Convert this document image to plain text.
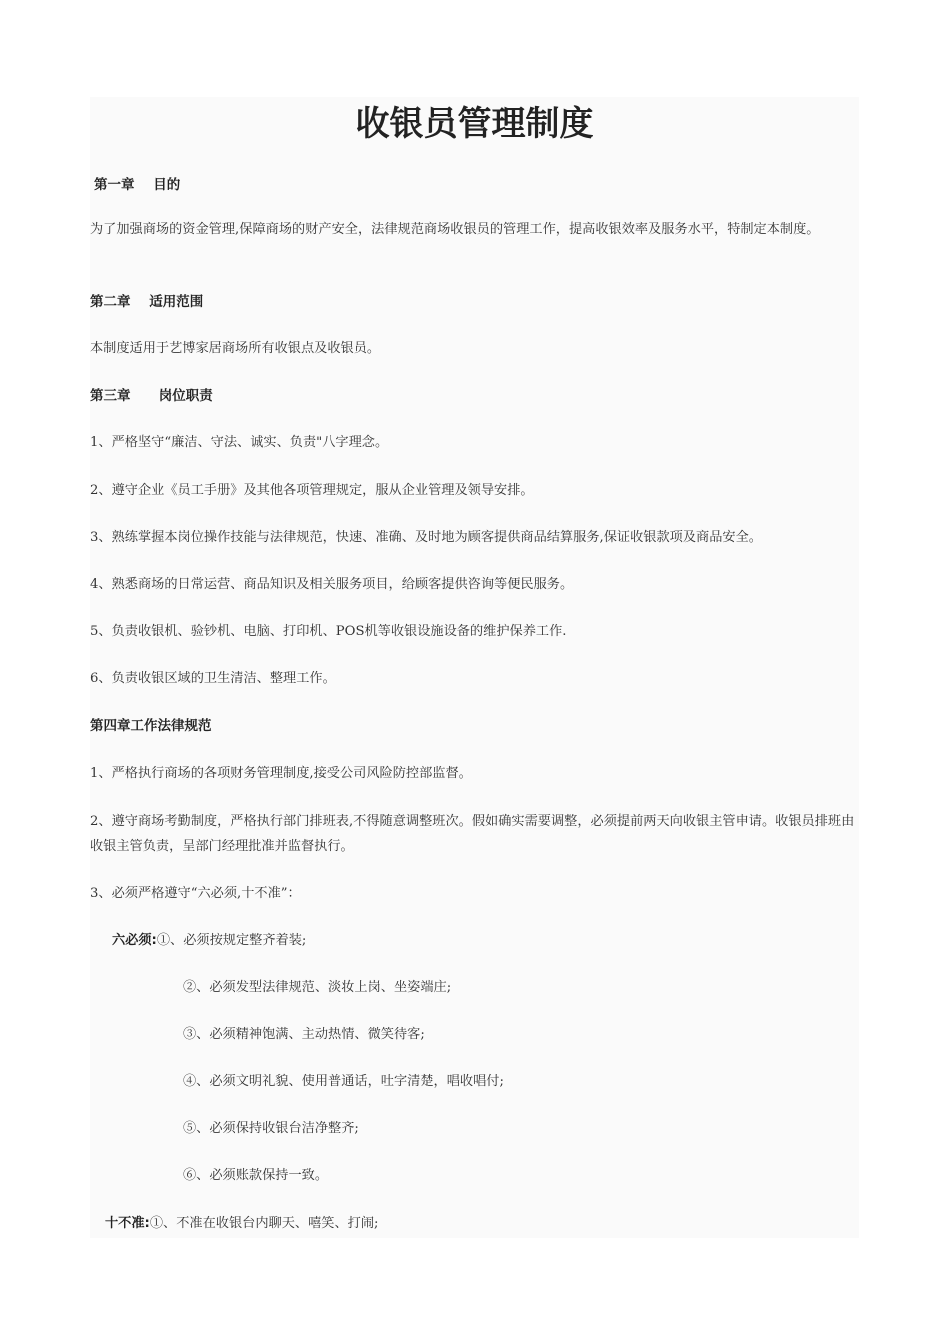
收银员管理制度
第一章    目的
为了加强商场的资金管理,保障商场的财产安全，法律规范商场收银员的管理工作，提高收银效率及服务水平，特制定本制度。
第二章    适用范围
本制度适用于艺博家居商场所有收银点及收银员。
第三章      岗位职责
1、严格坚守“廉洁、守法、诚实、负责"八字理念。
2、遵守企业《员工手册》及其他各项管理规定，服从企业管理及领导安排。
3、熟练掌握本岗位操作技能与法律规范，快速、准确、及时地为顾客提供商品结算服务,保证收银款项及商品安全。
4、熟悉商场的日常运营、商品知识及相关服务项目，给顾客提供咨询等便民服务。
5、负责收银机、验钞机、电脑、打印机、POS机等收银设施设备的维护保养工作.
6、负责收银区域的卫生清洁、整理工作。
第四章工作法律规范
1、严格执行商场的各项财务管理制度,接受公司风险防控部监督。
2、遵守商场考勤制度，严格执行部门排班表,不得随意调整班次。假如确实需要调整，必须提前两天向收银主管申请。收银员排班由收银主管负责，呈部门经理批准并监督执行。
3、必须严格遵守“六必须,十不准”：
六必须:①、必须按规定整齐着装;
②、必须发型法律规范、淡妆上岗、坐姿端庄;
③、必须精神饱满、主动热情、微笑待客;
④、必须文明礼貌、使用普通话，吐字清楚，唱收唱付;
⑤、必须保持收银台洁净整齐;
⑥、必须账款保持一致。
十不准:①、不准在收银台内聊天、嘻笑、打闹;
